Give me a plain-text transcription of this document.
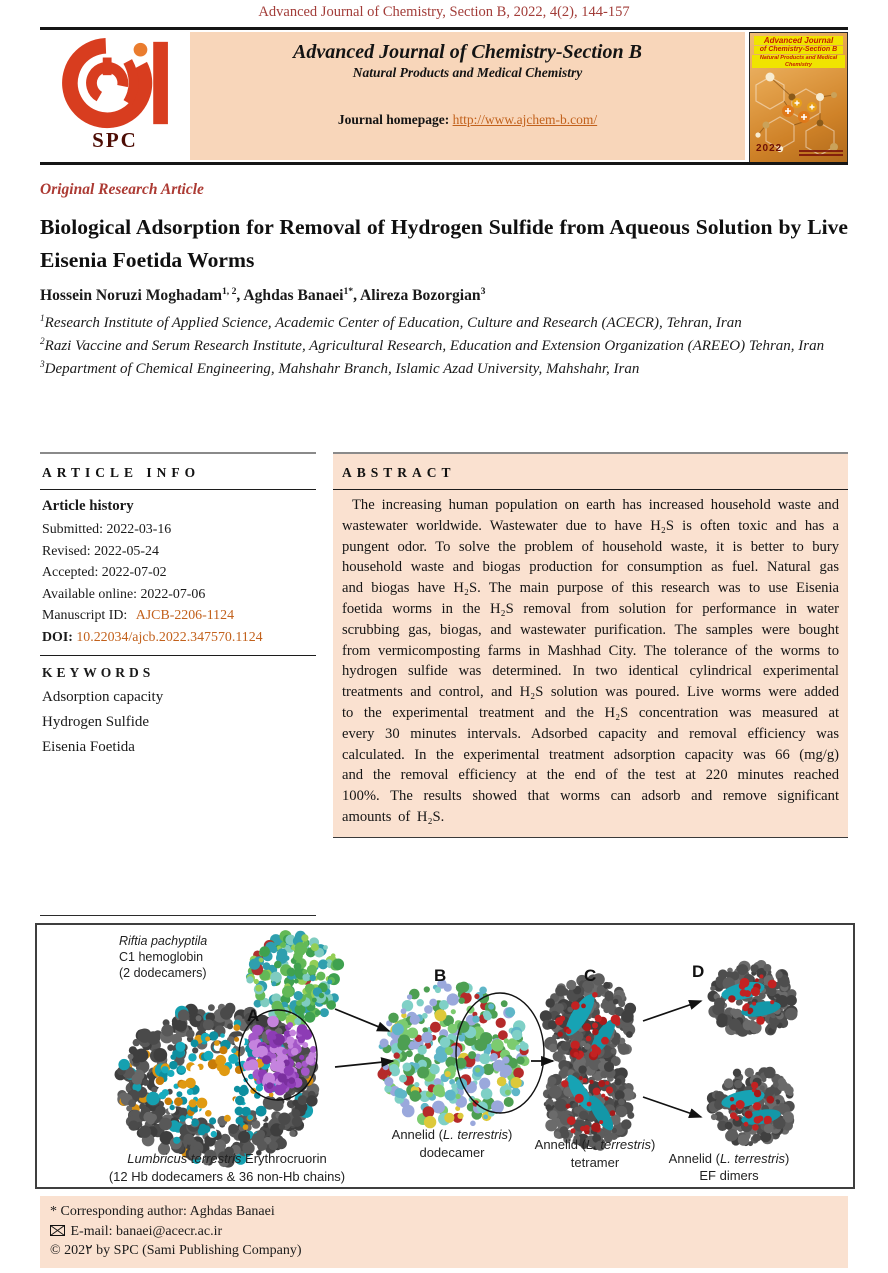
Advanced Journal of Chemistry, Section B, 2022, 4(2), 144-157
SPC
Advanced Journal of Chemistry-Section B
Natural Products and Medical Chemistry
Journal homepage: http://www.ajchem-b.com/
Advanced Journal
of Chemistry-Section B
Natural Products and Medical Chemistry
2022
Original Research Article
Biological Adsorption for Removal of Hydrogen Sulfide from Aqueous Solution by Live Eisenia Foetida Worms
Hossein Noruzi Moghadam$^{1, 2}$, Aghdas Banaei$^{1*}$, Alireza Bozorgian$^3$
$^1$Research Institute of Applied Science, Academic Center of Education, Culture and Research (ACECR), Tehran, Iran
$^2$Razi Vaccine and Serum Research Institute, Agricultural Research, Education and Extension Organization (AREEO) Tehran, Iran
$^3$Department of Chemical Engineering, Mahshahr Branch, Islamic Azad University, Mahshahr, Iran
ARTICLE INFO
Article history
Submitted: 2022-03-16
Revised: 2022-05-24
Accepted: 2022-07-02
Available online: 2022-07-06
Manuscript ID: AJCB-2206-1124
DOI: 10.22034/ajcb.2022.347570.1124
KEYWORDS
Adsorption capacity
Hydrogen Sulfide
Eisenia Foetida
ABSTRACT
The increasing human population on earth has increased household waste and wastewater worldwide. Wastewater due to have H₂S is often toxic and has a pungent odor. To solve the problem of household waste, it is better to bury household waste and biogas production for consumption as fuel. Natural gas and biogas have H₂S. The main purpose of this research was to use Eisenia foetida worms in the H₂S removal from solution for performance in water scrubbing gas, biogas, and wastewater purification. The samples were bought from vermicomposting farms in Mashhad City. The tolerance of the worms to hydrogen sulfide was determined. In two identical cylindrical experimental treatments and control, and H₂S solution was poured. Live worms were added to the experimental treatment and the H₂S concentration was measured at every 30 minutes intervals. Adsorbed capacity and removal efficiency was calculated. In the experimental treatment adsorption capacity was 66 (mg/g) and the removal efficiency at the end of the test at 220 minutes reached 100%. The results showed that worms can adsorb and remove significant amounts of H₂S.
A
B	C	D
Riftia pachyptila
C1 hemoglobin
(2 dodecamers)
Lumbricus terrestris Erythrocruorin
(12 Hb dodecamers & 36 non-Hb chains)
Annelid (L. terrestris)
dodecamer
Annelid (L. terrestris)
tetramer	Annelid (L. terrestris)
EF dimers
* Corresponding author: Aghdas Banaei
E-mail: banaei@acecr.ac.ir
© 202۲ by SPC (Sami Publishing Company)
